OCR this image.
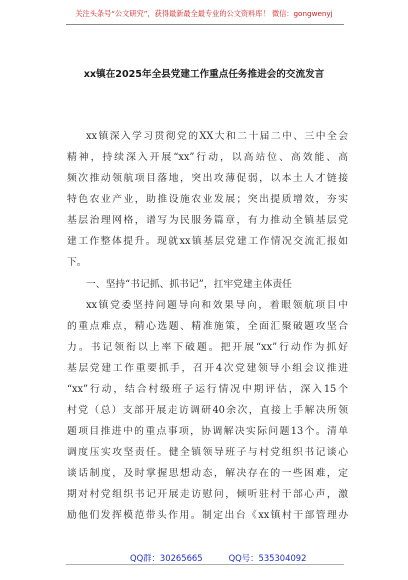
关注头条号“公文研究”，获得最新最全最专业的公文资料库！ 微信：gongwenyj
xx镇在2025年全县党建工作重点任务推进会的交流发言
xx镇深入学习贯彻党的XX大和二十届二中、三中全会
精神，持续深入开展“xx”行动，以高站位、高效能、高
频次推动领航项目落地，突出攻薄促弱，以本土人才链接
特色农业产业，助推设施农业发展；突出提质增效，夯实
基层治理网格，谱写为民服务篇章，有力推动全镇基层党
建工作整体提升。现就xx镇基层党建工作情况交流汇报如
下。
一、坚持“书记抓、抓书记”，扛牢党建主体责任
xx镇党委坚持问题导向和效果导向，着眼领航项目中
的重点难点，精心选题、精准施策，全面汇聚破题攻坚合
力。书记领衔以上率下破题。把开展“xx”行动作为抓好
基层党建工作重要抓手，召开4次党建领导小组会议推进
“xx”行动，结合村级班子运行情况中期评估，深入15个
村党（总）支部开展走访调研40余次，直接上手解决所领
题项目推进中的重点事项，协调解决实际问题13个。清单
调度压实攻坚责任。健全镇领导班子与村党组织书记谈心
谈话制度，及时掌握思想动态，解决存在的一些困难，定
期对村党组织书记开展走访慰问，倾听驻村干部心声，激
励他们发挥模范带头作用。制定出台《xx镇村干部管理办
QQ群：30265665	QQ号：535304092
